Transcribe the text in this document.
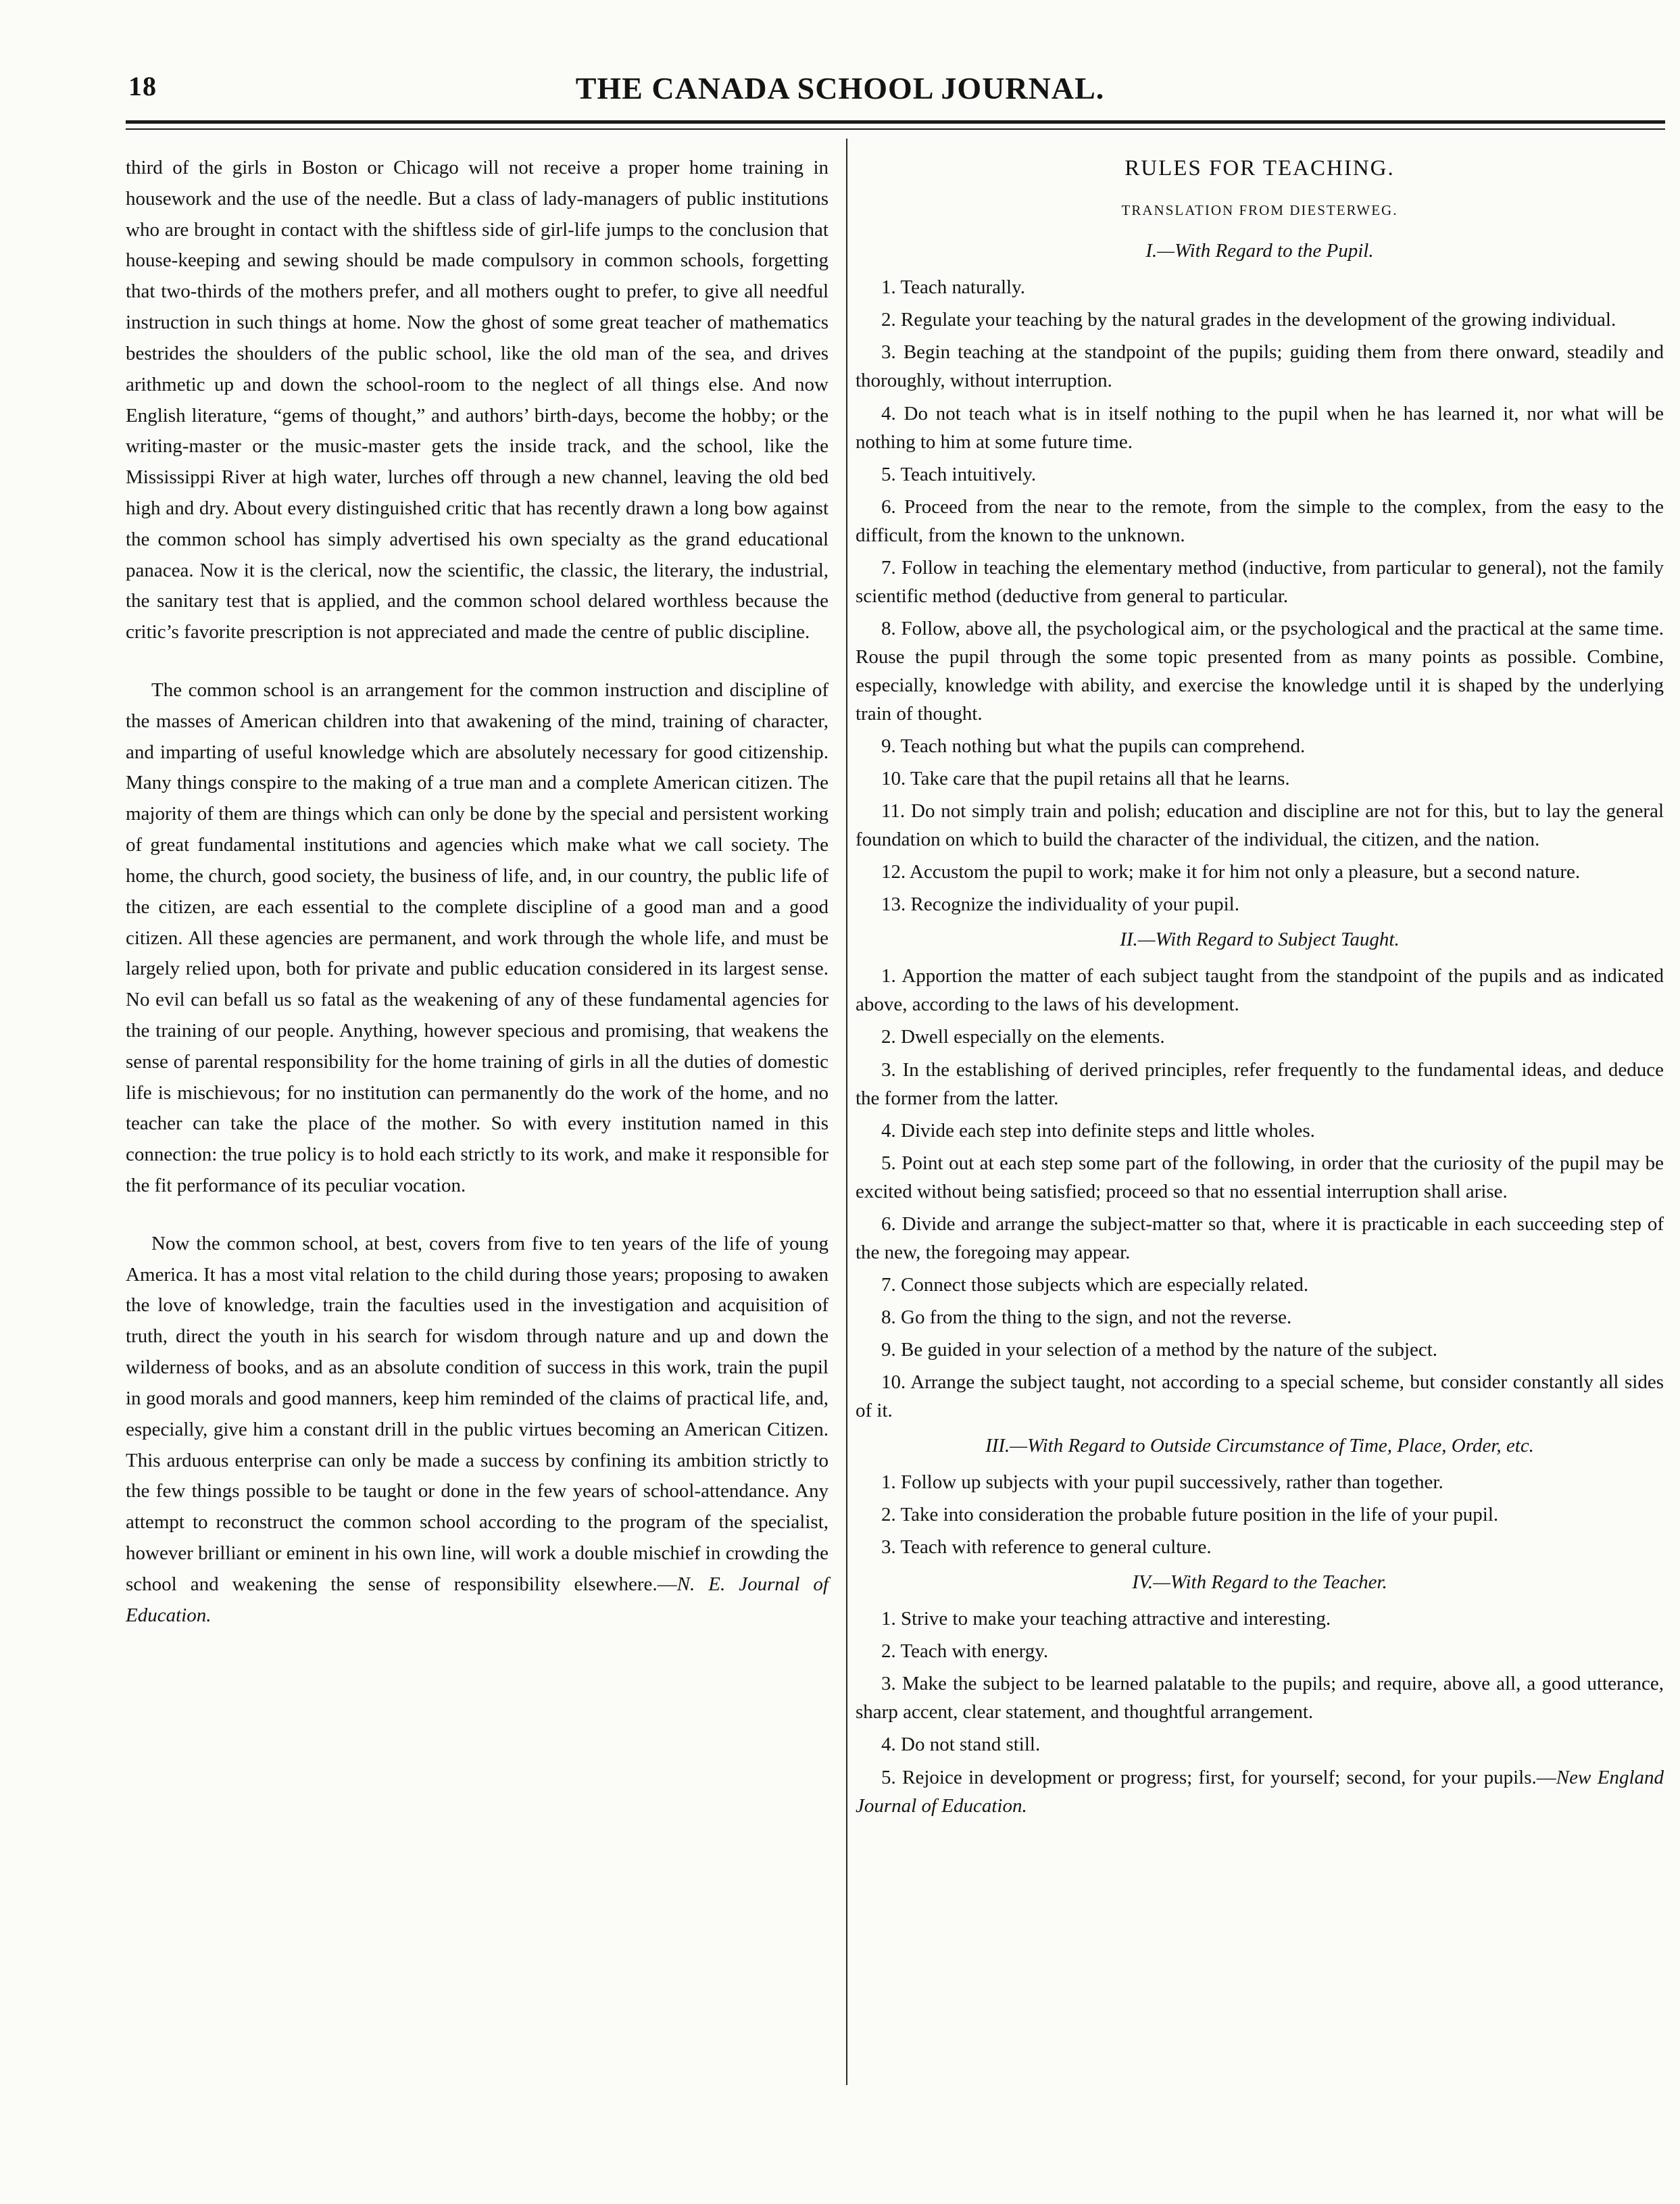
18	THE CANADA SCHOOL JOURNAL.

third of the girls in Boston or Chicago will not receive a proper home training in housework and the use of the needle. But a class of lady-managers of public institutions who are brought in contact with the shiftless side of girl-life jumps to the conclusion that house-keeping and sewing should be made compulsory in common schools, forgetting that two-thirds of the mothers prefer, and all mothers ought to prefer, to give all needful instruction in such things at home. Now the ghost of some great teacher of mathematics bestrides the shoulders of the public school, like the old man of the sea, and drives arithmetic up and down the school-room to the neglect of all things else. And now English literature, “gems of thought,” and authors’ birth-days, become the hobby; or the writing-master or the music-master gets the inside track, and the school, like the Mississippi River at high water, lurches off through a new channel, leaving the old bed high and dry. About every distinguished critic that has recently drawn a long bow against the common school has simply advertised his own specialty as the grand educational panacea. Now it is the clerical, now the scientific, the classic, the literary, the industrial, the sanitary test that is applied, and the common school delared worthless because the critic’s favorite prescription is not appreciated and made the centre of public discipline.

The common school is an arrangement for the common instruction and discipline of the masses of American children into that awakening of the mind, training of character, and imparting of useful knowledge which are absolutely necessary for good citizenship. Many things conspire to the making of a true man and a complete American citizen. The majority of them are things which can only be done by the special and persistent working of great fundamental institutions and agencies which make what we call society. The home, the church, good society, the business of life, and, in our country, the public life of the citizen, are each essential to the complete discipline of a good man and a good citizen. All these agencies are permanent, and work through the whole life, and must be largely relied upon, both for private and public education considered in its largest sense. No evil can befall us so fatal as the weakening of any of these fundamental agencies for the training of our people. Anything, however specious and promising, that weakens the sense of parental responsibility for the home training of girls in all the duties of domestic life is mischievous; for no institution can permanently do the work of the home, and no teacher can take the place of the mother. So with every institution named in this connection: the true policy is to hold each strictly to its work, and make it responsible for the fit performance of its peculiar vocation.

Now the common school, at best, covers from five to ten years of the life of young America. It has a most vital relation to the child during those years; proposing to awaken the love of knowledge, train the faculties used in the investigation and acquisition of truth, direct the youth in his search for wisdom through nature and up and down the wilderness of books, and as an absolute condition of success in this work, train the pupil in good morals and good manners, keep him reminded of the claims of practical life, and, especially, give him a constant drill in the public virtues becoming an American Citizen. This arduous enterprise can only be made a success by confining its ambition strictly to the few things possible to be taught or done in the few years of school-attendance. Any attempt to reconstruct the common school according to the program of the specialist, however brilliant or eminent in his own line, will work a double mischief in crowding the school and weakening the sense of responsibility elsewhere.—N. E. Journal of Education.

RULES FOR TEACHING.
TRANSLATION FROM DIESTERWEG.
I.—With Regard to the Pupil.
1. Teach naturally.
2. Regulate your teaching by the natural grades in the development of the growing individual.
3. Begin teaching at the standpoint of the pupils; guiding them from there onward, steadily and thoroughly, without interruption.
4. Do not teach what is in itself nothing to the pupil when he has learned it, nor what will be nothing to him at some future time.
5. Teach intuitively.
6. Proceed from the near to the remote, from the simple to the complex, from the easy to the difficult, from the known to the unknown.
7. Follow in teaching the elementary method (inductive, from particular to general), not the family scientific method (deductive from general to particular.
8. Follow, above all, the psychological aim, or the psychological and the practical at the same time. Rouse the pupil through the some topic presented from as many points as possible. Combine, especially, knowledge with ability, and exercise the knowledge until it is shaped by the underlying train of thought.
9. Teach nothing but what the pupils can comprehend.
10. Take care that the pupil retains all that he learns.
11. Do not simply train and polish; education and discipline are not for this, but to lay the general foundation on which to build the character of the individual, the citizen, and the nation.
12. Accustom the pupil to work; make it for him not only a pleasure, but a second nature.
13. Recognize the individuality of your pupil.
II.—With Regard to Subject Taught.
1. Apportion the matter of each subject taught from the standpoint of the pupils and as indicated above, according to the laws of his development.
2. Dwell especially on the elements.
3. In the establishing of derived principles, refer frequently to the fundamental ideas, and deduce the former from the latter.
4. Divide each step into definite steps and little wholes.
5. Point out at each step some part of the following, in order that the curiosity of the pupil may be excited without being satisfied; proceed so that no essential interruption shall arise.
6. Divide and arrange the subject-matter so that, where it is practicable in each succeeding step of the new, the foregoing may appear.
7. Connect those subjects which are especially related.
8. Go from the thing to the sign, and not the reverse.
9. Be guided in your selection of a method by the nature of the subject.
10. Arrange the subject taught, not according to a special scheme, but consider constantly all sides of it.
III.—With Regard to Outside Circumstance of Time, Place, Order, etc.
1. Follow up subjects with your pupil successively, rather than together.
2. Take into consideration the probable future position in the life of your pupil.
3. Teach with reference to general culture.
IV.—With Regard to the Teacher.
1. Strive to make your teaching attractive and interesting.
2. Teach with energy.
3. Make the subject to be learned palatable to the pupils; and require, above all, a good utterance, sharp accent, clear statement, and thoughtful arrangement.
4. Do not stand still.
5. Rejoice in development or progress; first, for yourself; second, for your pupils.—New England Journal of Education.
